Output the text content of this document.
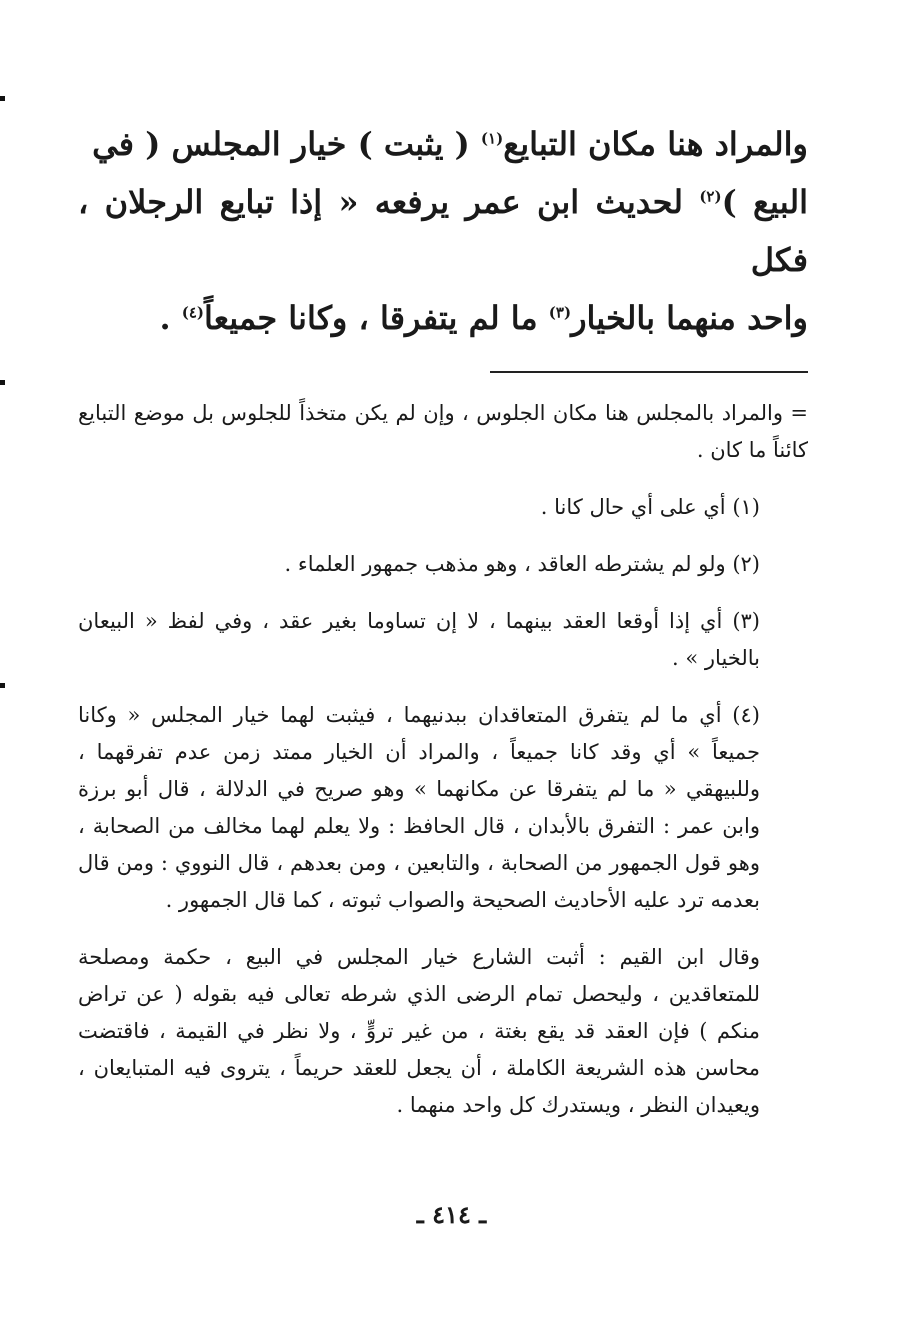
والمراد هنا مكان التبايع$^{(١)}$ ( يثبت ) خيار المجلس ( في

البيع )$^{(٢)}$ لحديث ابن عمر يرفعه « إذا تبايع الرجلان ، فكل

واحد منهما بالخيار$^{(٣)}$ ما لم يتفرقا ، وكانا جميعاً$^{(٤)}$ .

= والمراد بالمجلس هنا مكان الجلوس ، وإن لم يكن متخذاً للجلوس بل موضع التبايع كائناً ما كان .

(١) أي على أي حال كانا .

(٢) ولو لم يشترطه العاقد ، وهو مذهب جمهور العلماء .

(٣) أي إذا أوقعا العقد بينهما ، لا إن تساوما بغير عقد ، وفي لفظ « البيعان بالخيار » .

(٤) أي ما لم يتفرق المتعاقدان ببدنيهما ، فيثبت لهما خيار المجلس « وكانا جميعاً » أي وقد كانا جميعاً ، والمراد أن الخيار ممتد زمن عدم تفرقهما ، وللبيهقي « ما لم يتفرقا عن مكانهما » وهو صريح في الدلالة ، قال أبو برزة وابن عمر : التفرق بالأبدان ، قال الحافظ : ولا يعلم لهما مخالف من الصحابة ، وهو قول الجمهور من الصحابة ، والتابعين ، ومن بعدهم ، قال النووي : ومن قال بعدمه ترد عليه الأحاديث الصحيحة والصواب ثبوته ، كما قال الجمهور .

وقال ابن القيم : أثبت الشارع خيار المجلس في البيع ، حكمة ومصلحة للمتعاقدين ، وليحصل تمام الرضى الذي شرطه تعالى فيه بقوله ( عن تراض منكم ) فإن العقد قد يقع بغتة ، من غير تروٍّ ، ولا نظر في القيمة ، فاقتضت محاسن هذه الشريعة الكاملة ، أن يجعل للعقد حريماً ، يتروى فيه المتبايعان ، ويعيدان النظر ، ويستدرك كل واحد منهما .

ـ ٤١٤ ـ
